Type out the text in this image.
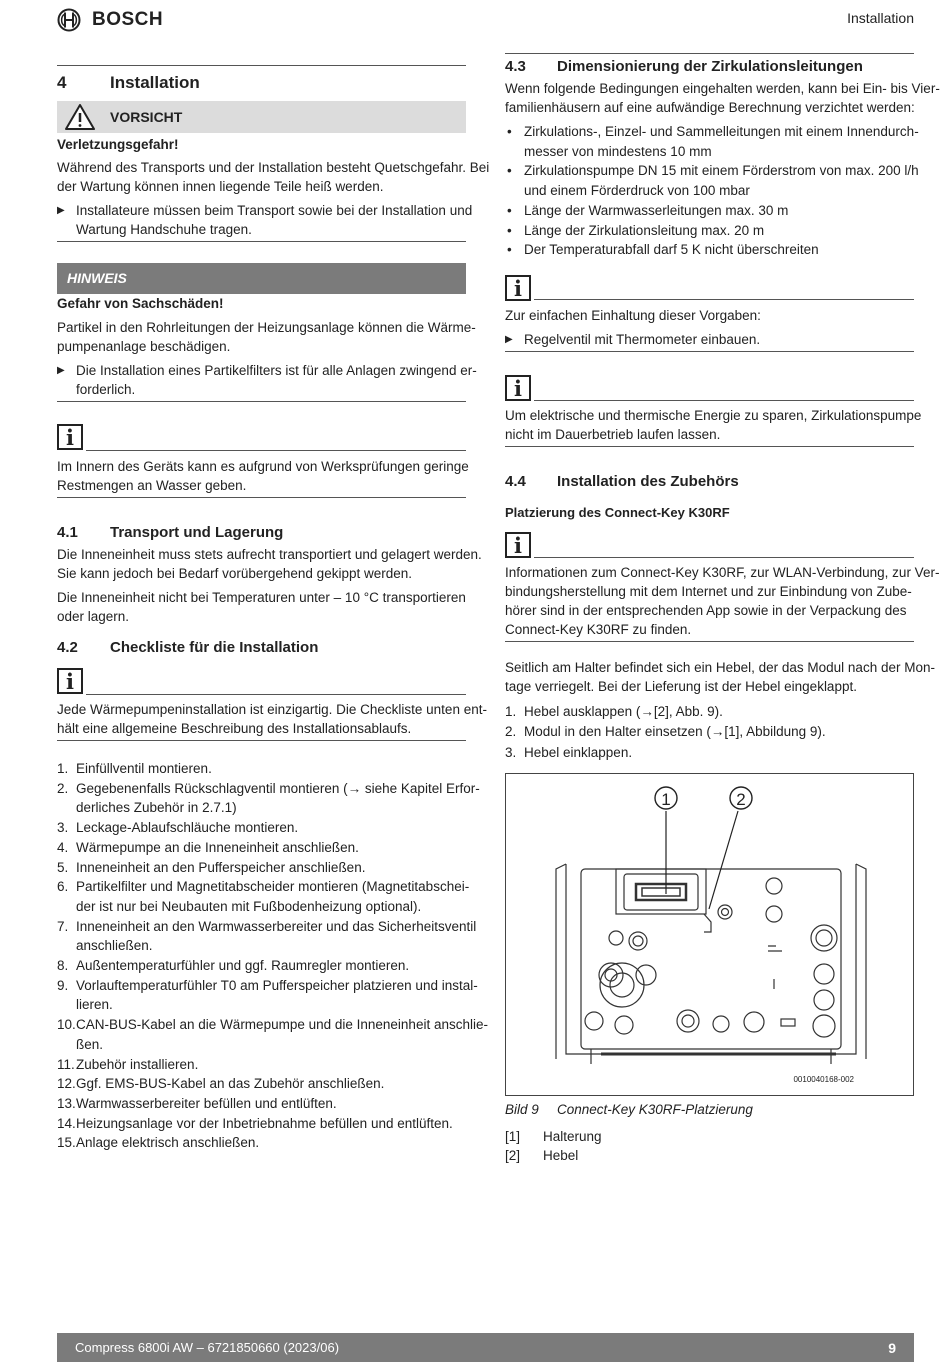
BOSCH	Installation
4	Installation
VORSICHT
Verletzungsgefahr!
Während des Transports und der Installation besteht Quetschgefahr. Bei
der Wartung können innen liegende Teile heiß werden.
▶ Installateure müssen beim Transport sowie bei der Installation und
Wartung Handschuhe tragen.
HINWEIS
Gefahr von Sachschäden!
Partikel in den Rohrleitungen der Heizungsanlage können die Wärme-
pumpenanlage beschädigen.
▶ Die Installation eines Partikelfilters ist für alle Anlagen zwingend er-
forderlich.
i
Im Innern des Geräts kann es aufgrund von Werksprüfungen geringe
Restmengen an Wasser geben.
4.1 Transport und Lagerung
Die Inneneinheit muss stets aufrecht transportiert und gelagert werden.
Sie kann jedoch bei Bedarf vorübergehend gekippt werden.
Die Inneneinheit nicht bei Temperaturen unter – 10 °C transportieren
oder lagern.
4.2 Checkliste für die Installation
i
Jede Wärmepumpeninstallation ist einzigartig. Die Checkliste unten ent-
hält eine allgemeine Beschreibung des Installationsablaufs.
1. Einfüllventil montieren.
2. Gegebenenfalls Rückschlagventil montieren (→ siehe Kapitel Erfor-
derliches Zubehör in 2.7.1)
3. Leckage-Ablaufschläuche montieren.
4. Wärmepumpe an die Inneneinheit anschließen.
5. Inneneinheit an den Pufferspeicher anschließen.
6. Partikelfilter und Magnetitabscheider montieren (Magnetitabschei-
der ist nur bei Neubauten mit Fußbodenheizung optional).
7. Inneneinheit an den Warmwasserbereiter und das Sicherheitsventil
anschließen.
8. Außentemperaturfühler und ggf. Raumregler montieren.
9. Vorlauftemperaturfühler T0 am Pufferspeicher platzieren und instal-
lieren.
10. CAN-BUS-Kabel an die Wärmepumpe und die Inneneinheit anschlie-
ßen.
11. Zubehör installieren.
12. Ggf. EMS-BUS-Kabel an das Zubehör anschließen.
13. Warmwasserbereiter befüllen und entlüften.
14. Heizungsanlage vor der Inbetriebnahme befüllen und entlüften.
15. Anlage elektrisch anschließen.
4.3 Dimensionierung der Zirkulationsleitungen
Wenn folgende Bedingungen eingehalten werden, kann bei Ein- bis Vier-
familienhäusern auf eine aufwändige Berechnung verzichtet werden:
• Zirkulations-, Einzel- und Sammelleitungen mit einem Innendurch-
messer von mindestens 10 mm
• Zirkulationspumpe DN 15 mit einem Förderstrom von max. 200 l/h
und einem Förderdruck von 100 mbar
• Länge der Warmwasserleitungen max. 30 m
• Länge der Zirkulationsleitung max. 20 m
• Der Temperaturabfall darf 5 K nicht überschreiten
i
Zur einfachen Einhaltung dieser Vorgaben:
▶ Regelventil mit Thermometer einbauen.
i
Um elektrische und thermische Energie zu sparen, Zirkulationspumpe
nicht im Dauerbetrieb laufen lassen.
4.4 Installation des Zubehörs
Platzierung des Connect-Key K30RF
i
Informationen zum Connect-Key K30RF, zur WLAN-Verbindung, zur Ver-
bindungsherstellung mit dem Internet und zur Einbindung von Zube-
hörer sind in der entsprechenden App sowie in der Verpackung des
Connect-Key K30RF zu finden.
Seitlich am Halter befindet sich ein Hebel, der das Modul nach der Mon-
tage verriegelt. Bei der Lieferung ist der Hebel eingeklappt.
1. Hebel ausklappen (→[2], Abb. 9).
2. Modul in den Halter einsetzen (→[1], Abbildung 9).
3. Hebel einklappen.
1	2
0010040168-002
Bild 9 Connect-Key K30RF-Platzierung
[1] Halterung
[2] Hebel
Compress 6800i AW – 6721850660 (2023/06)	9
